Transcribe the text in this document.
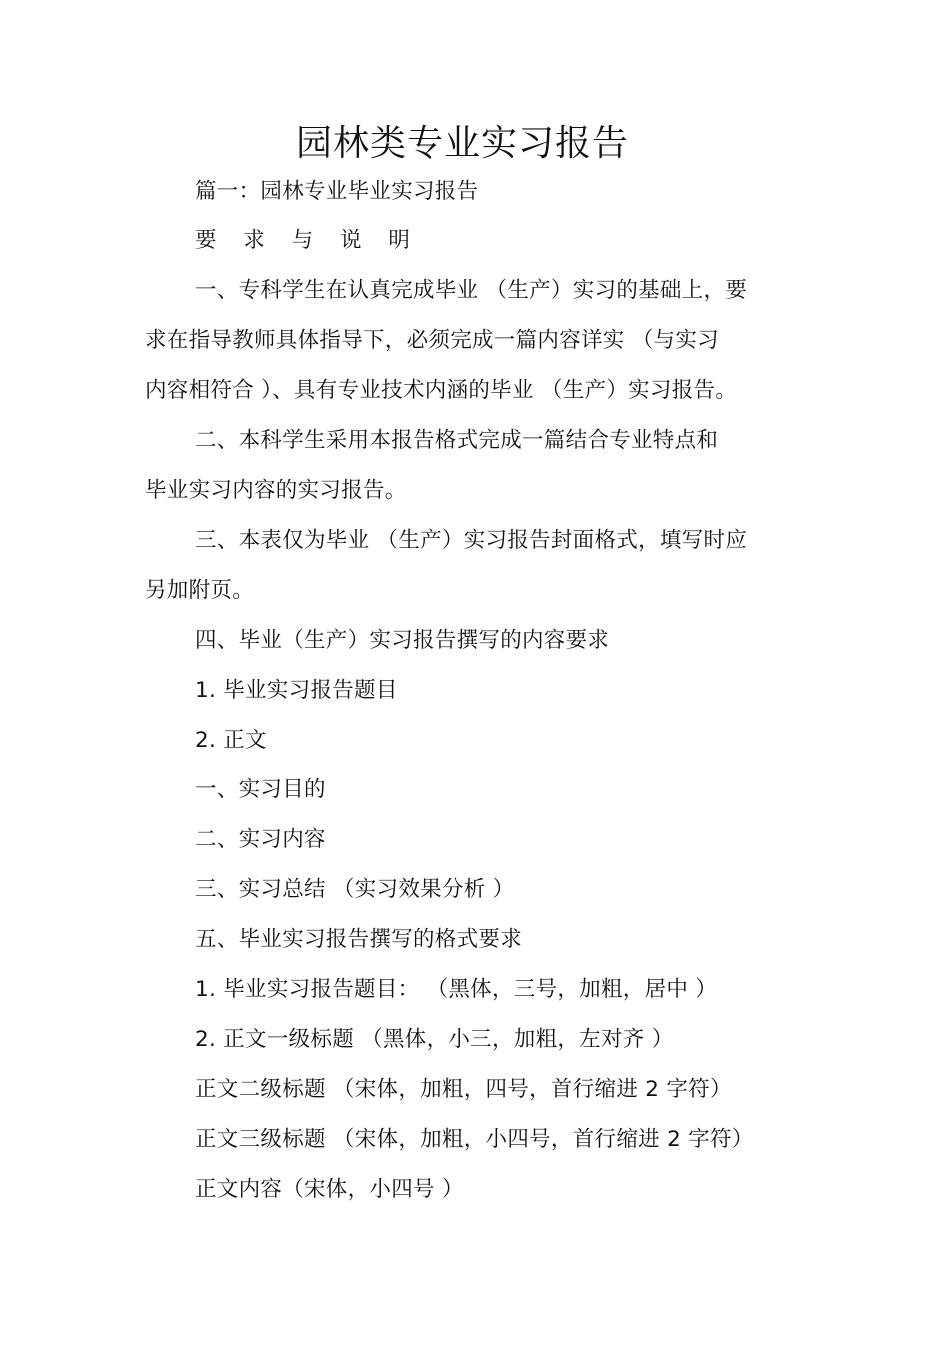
园林类专业实习报告
篇一：园林专业毕业实习报告
要 求 与 说 明
一、专科学生在认真完成毕业 （生产）实习的基础上，要
求在指导教师具体指导下，必须完成一篇内容详实 （与实习
内容相符合 ）、具有专业技术内涵的毕业 （生产）实习报告。
二、本科学生采用本报告格式完成一篇结合专业特点和
毕业实习内容的实习报告。
三、本表仅为毕业 （生产）实习报告封面格式，填写时应
另加附页。
四、毕业（生产）实习报告撰写的内容要求
1. 毕业实习报告题目
2. 正文
一、实习目的
二、实习内容
三、实习总结 （实习效果分析 ）
五、毕业实习报告撰写的格式要求
1. 毕业实习报告题目： （黑体，三号，加粗，居中 ）
2. 正文一级标题 （黑体，小三，加粗，左对齐 ）
正文二级标题 （宋体，加粗，四号，首行缩进 2 字符）
正文三级标题 （宋体，加粗，小四号，首行缩进 2 字符）
正文内容（宋体，小四号 ）
